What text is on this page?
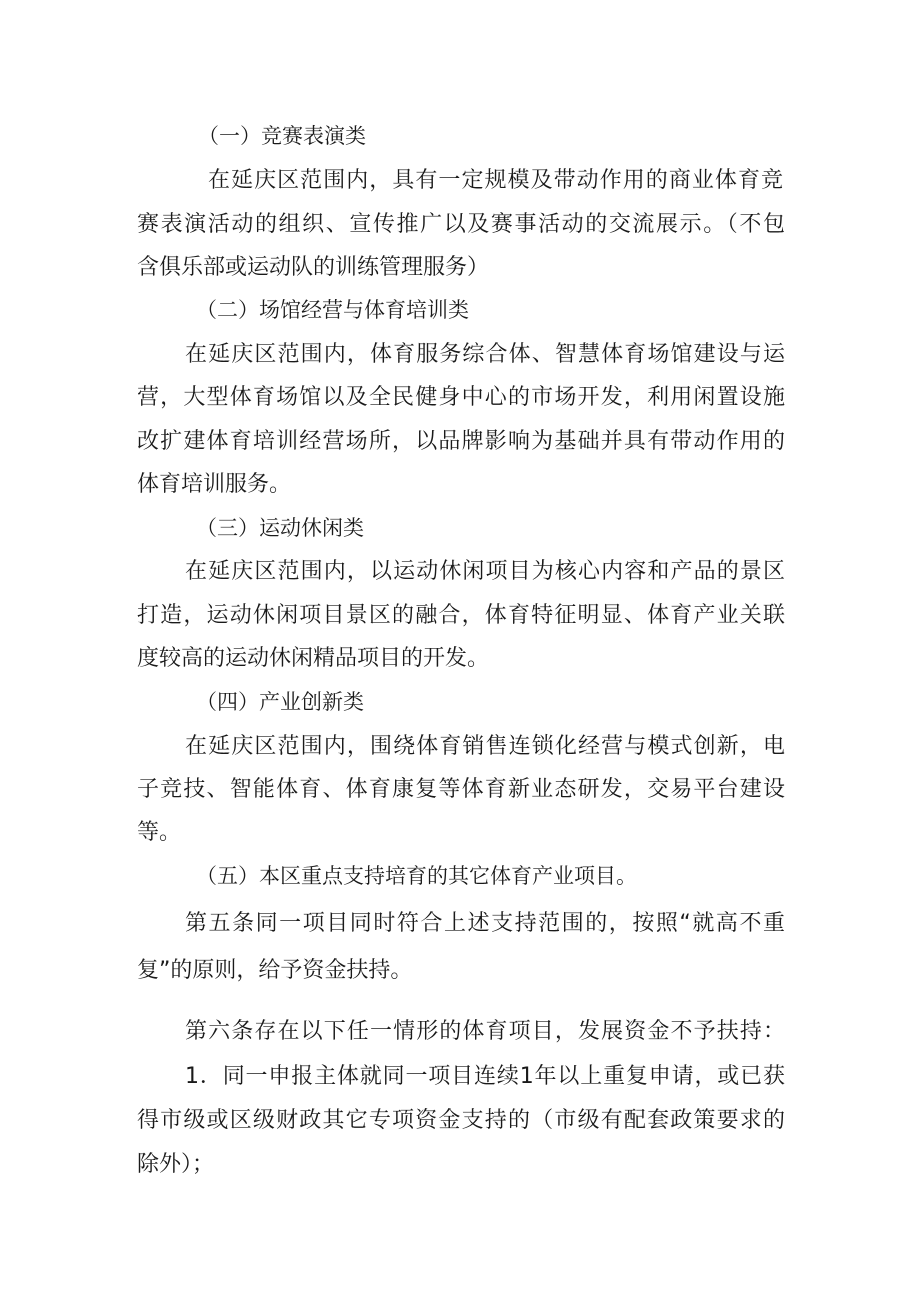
（一）竞赛表演类
在延庆区范围内，具有一定规模及带动作用的商业体育竞
赛表演活动的组织、宣传推广以及赛事活动的交流展示。（不包
含俱乐部或运动队的训练管理服务）
（二）场馆经营与体育培训类
在延庆区范围内，体育服务综合体、智慧体育场馆建设与运
营，大型体育场馆以及全民健身中心的市场开发，利用闲置设施
改扩建体育培训经营场所，以品牌影响为基础并具有带动作用的
体育培训服务。
（三）运动休闲类
在延庆区范围内，以运动休闲项目为核心内容和产品的景区
打造，运动休闲项目景区的融合，体育特征明显、体育产业关联
度较高的运动休闲精品项目的开发。
（四）产业创新类
在延庆区范围内，围绕体育销售连锁化经营与模式创新，电
子竞技、智能体育、体育康复等体育新业态研发，交易平台建设
等。
（五）本区重点支持培育的其它体育产业项目。
第五条同一项目同时符合上述支持范围的，按照“就高不重
复”的原则，给予资金扶持。
第六条存在以下任一情形的体育项目，发展资金不予扶持：
1．同一申报主体就同一项目连续1年以上重复申请，或已获
得市级或区级财政其它专项资金支持的（市级有配套政策要求的
除外）；
